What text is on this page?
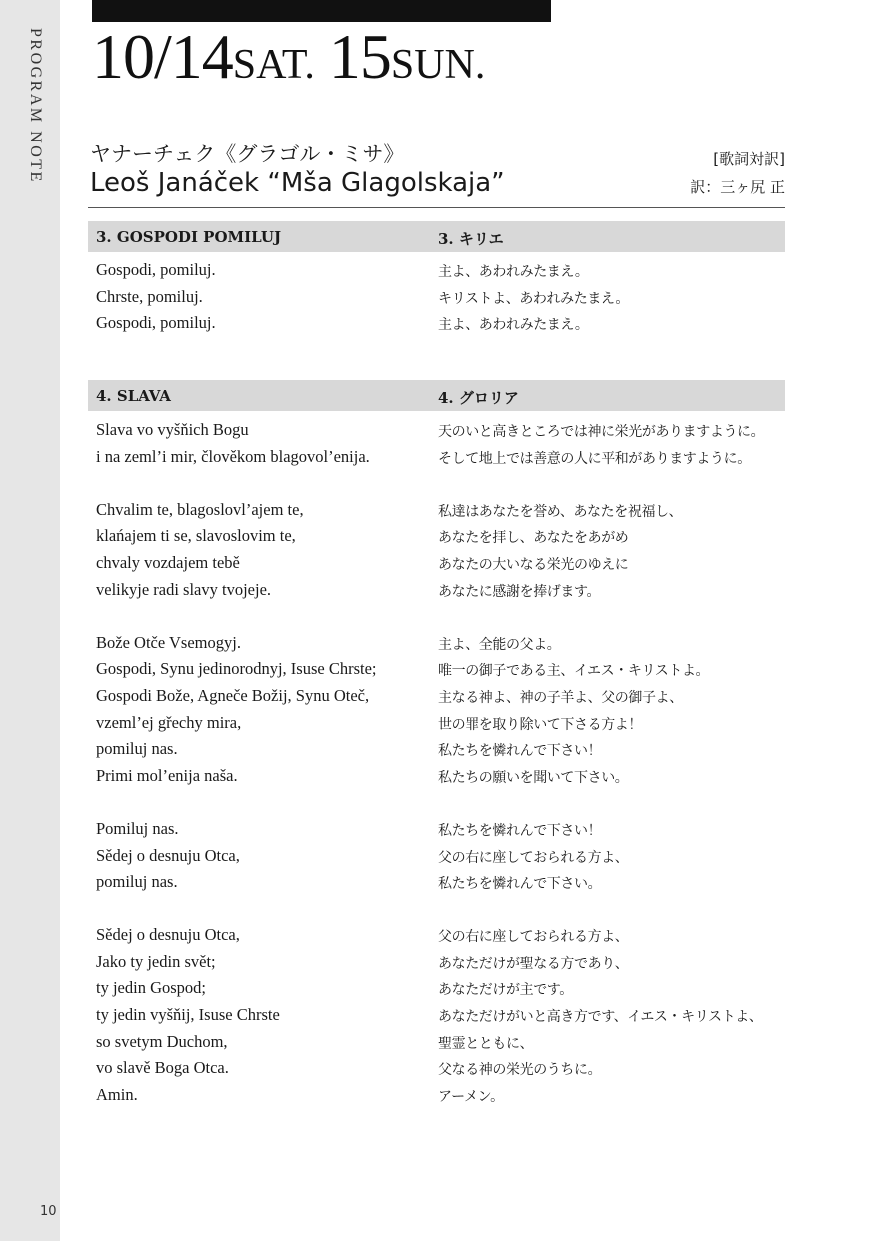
PROGRAM NOTE
10
10/14SAT. 15SUN.
ヤナーチェク《グラゴル・ミサ》
Leoš Janáček “Mša Glagolskaja”
[歌詞対訳]
訳：三ヶ尻 正
3. GOSPODI POMILUJ	3. キリエ
Gospodi, pomiluj.
Chrste, pomiluj.
Gospodi, pomiluj.
主よ、あわれみたまえ。
キリストよ、あわれみたまえ。
主よ、あわれみたまえ。
4. SLAVA	4. グロリア
Slava vo vyšňich Bogu
i na zeml’i mir, člověkom blagovol’enija.
Chvalim te, blagoslovl’ajem te,
klańajem ti se, slavoslovim te,
chvaly vozdajem tebě
velikyje radi slavy tvojeje.
Bože Otče Vsemogyj.
Gospodi, Synu jedinorodnyj, Isuse Chrste;
Gospodi Bože, Agneče Božij, Synu Oteč,
vzeml’ej gřechy mira,
pomiluj nas.
Primi mol’enija naša.
Pomiluj nas.
Sědej o desnuju Otca,
pomiluj nas.
Sědej o desnuju Otca,
Jako ty jedin svět;
ty jedin Gospod;
ty jedin vyšňij, Isuse Chrste
so svetym Duchom,
vo slavě Boga Otca.
Amin.
天のいと高きところでは神に栄光がありますように。
そして地上では善意の人に平和がありますように。
私達はあなたを誉め、あなたを祝福し、
あなたを拝し、あなたをあがめ
あなたの大いなる栄光のゆえに
あなたに感謝を捧げます。
主よ、全能の父よ。
唯一の御子である主、イエス・キリストよ。
主なる神よ、神の子羊よ、父の御子よ、
世の罪を取り除いて下さる方よ！
私たちを憐れんで下さい！
私たちの願いを聞いて下さい。
私たちを憐れんで下さい！
父の右に座しておられる方よ、
私たちを憐れんで下さい。
父の右に座しておられる方よ、
あなただけが聖なる方であり、
あなただけが主です。
あなただけがいと高き方です、イエス・キリストよ、
聖霊とともに、
父なる神の栄光のうちに。
アーメン。
